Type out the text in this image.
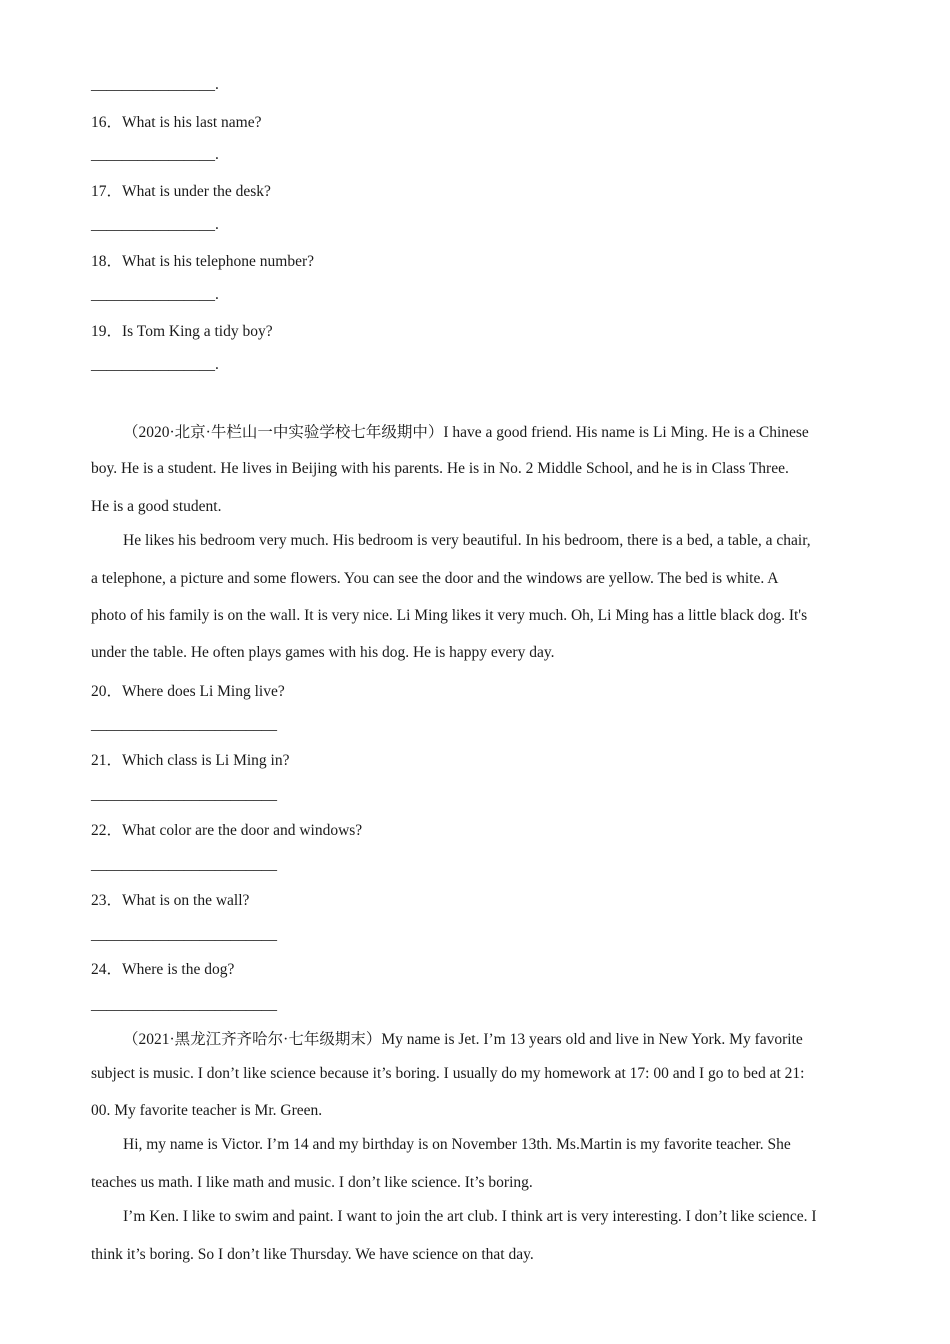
________________.
16．What is his last name?
________________.
17．What is under the desk?
________________.
18．What is his telephone number?
________________.
19．Is Tom King a tidy boy?
________________.

（2020·北京·牛栏山一中实验学校七年级期中）I have a good friend. His name is Li Ming. He is a Chinese

boy. He is a student. He lives in Beijing with his parents. He is in No. 2 Middle School, and he is in Class Three.
He is a good student.
He likes his bedroom very much. His bedroom is very beautiful. In his bedroom, there is a bed, a table, a chair,
a telephone, a picture and some flowers. You can see the door and the windows are yellow. The bed is white. A
photo of his family is on the wall. It is very nice. Li Ming likes it very much. Oh, Li Ming has a little black dog. It's
under the table. He often plays games with his dog. He is happy every day.
20．Where does Li Ming live?
________________________
21．Which class is Li Ming in?
________________________
22．What color are the door and windows?
________________________
23．What is on the wall?
________________________
24．Where is the dog?
________________________
（2021·黑龙江齐齐哈尔·七年级期末）My name is Jet. I’m 13 years old and live in New York. My favorite
subject is music. I don’t like science because it’s boring. I usually do my homework at 17: 00 and I go to bed at 21:
00. My favorite teacher is Mr. Green.
Hi, my name is Victor. I’m 14 and my birthday is on November 13th. Ms.Martin is my favorite teacher. She
teaches us math. I like math and music. I don’t like science. It’s boring.
I’m Ken. I like to swim and paint. I want to join the art club. I think art is very interesting. I don’t like science. I
think it’s boring. So I don’t like Thursday. We have science on that day.
